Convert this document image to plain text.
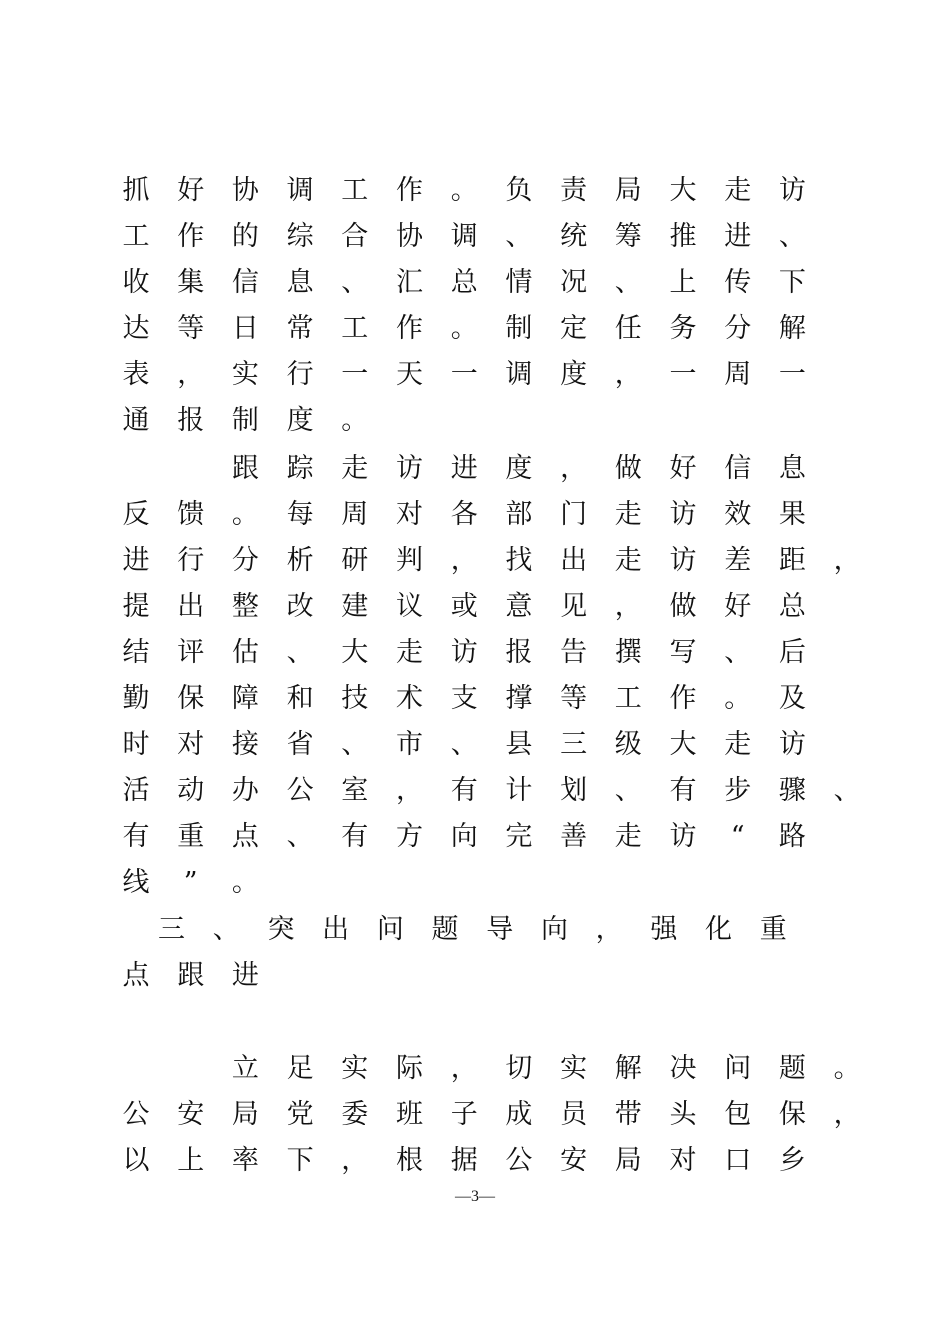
抓 好 协 调 工 作 。 负 责 局 大 走 访
工 作 的 综 合 协 调 、 统 筹 推 进 、
收 集 信 息 、 汇 总 情 况 、 上 传 下
达 等 日 常 工 作 。 制 定 任 务 分 解
表 ， 实 行 一 天 一 调 度 ， 一 周 一
通 报 制 度 。
跟 踪 走 访 进 度 ， 做 好 信 息
反 馈 。 每 周 对 各 部 门 走 访 效 果
进 行 分 析 研 判 ， 找 出 走 访 差 距 ，
提 出 整 改 建 议 或 意 见 ， 做 好 总
结 评 估 、 大 走 访 报 告 撰 写 、 后
勤 保 障 和 技 术 支 撑 等 工 作 。 及
时 对 接 省 、 市 、 县 三 级 大 走 访
活 动 办 公 室 ， 有 计 划 、 有 步 骤 、
有 重 点 、 有 方 向 完 善 走 访 “ 路
线 ” 。
三 、 突 出 问 题 导 向 ， 强 化 重
点 跟 进
立 足 实 际 ， 切 实 解 决 问 题 。
公 安 局 党 委 班 子 成 员 带 头 包 保 ，
以 上 率 下 ， 根 据 公 安 局 对 口 乡
—3—
